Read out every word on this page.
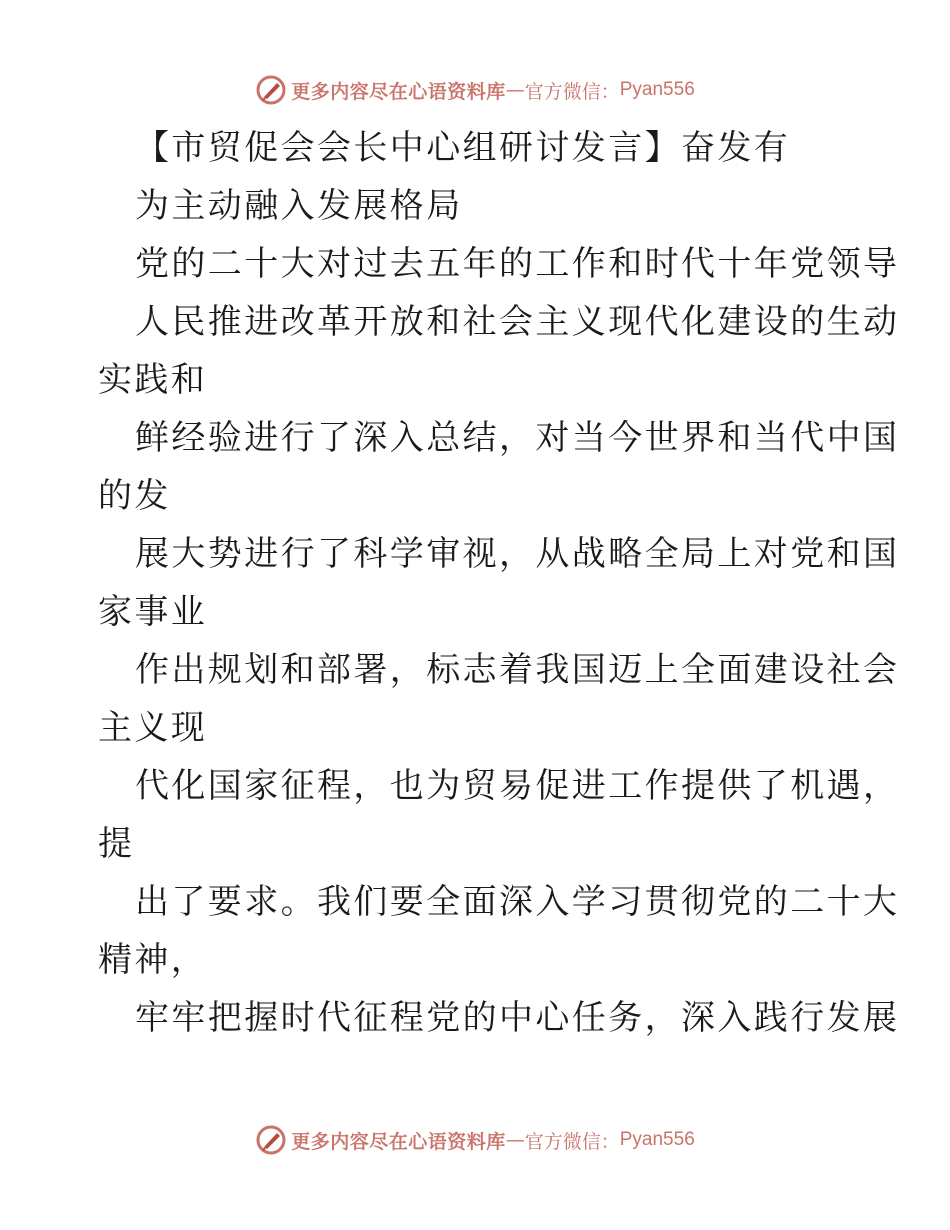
更多内容尽在心语资料库 — 官方微信： Pyan556
【市贸促会会长中心组研讨发言】奋发有
为主动融入发展格局
党的二十大对过去五年的工作和时代十年党领导
人民推进改革开放和社会主义现代化建设的生动
实践和
鲜经验进行了深入总结，对当今世界和当代中国
的发
展大势进行了科学审视，从战略全局上对党和国
家事业
作出规划和部署，标志着我国迈上全面建设社会
主义现
代化国家征程，也为贸易促进工作提供了机遇，
提
出了要求。我们要全面深入学习贯彻党的二十大
精神，
牢牢把握时代征程党的中心任务，深入践行发展
更多内容尽在心语资料库 — 官方微信： Pyan556
